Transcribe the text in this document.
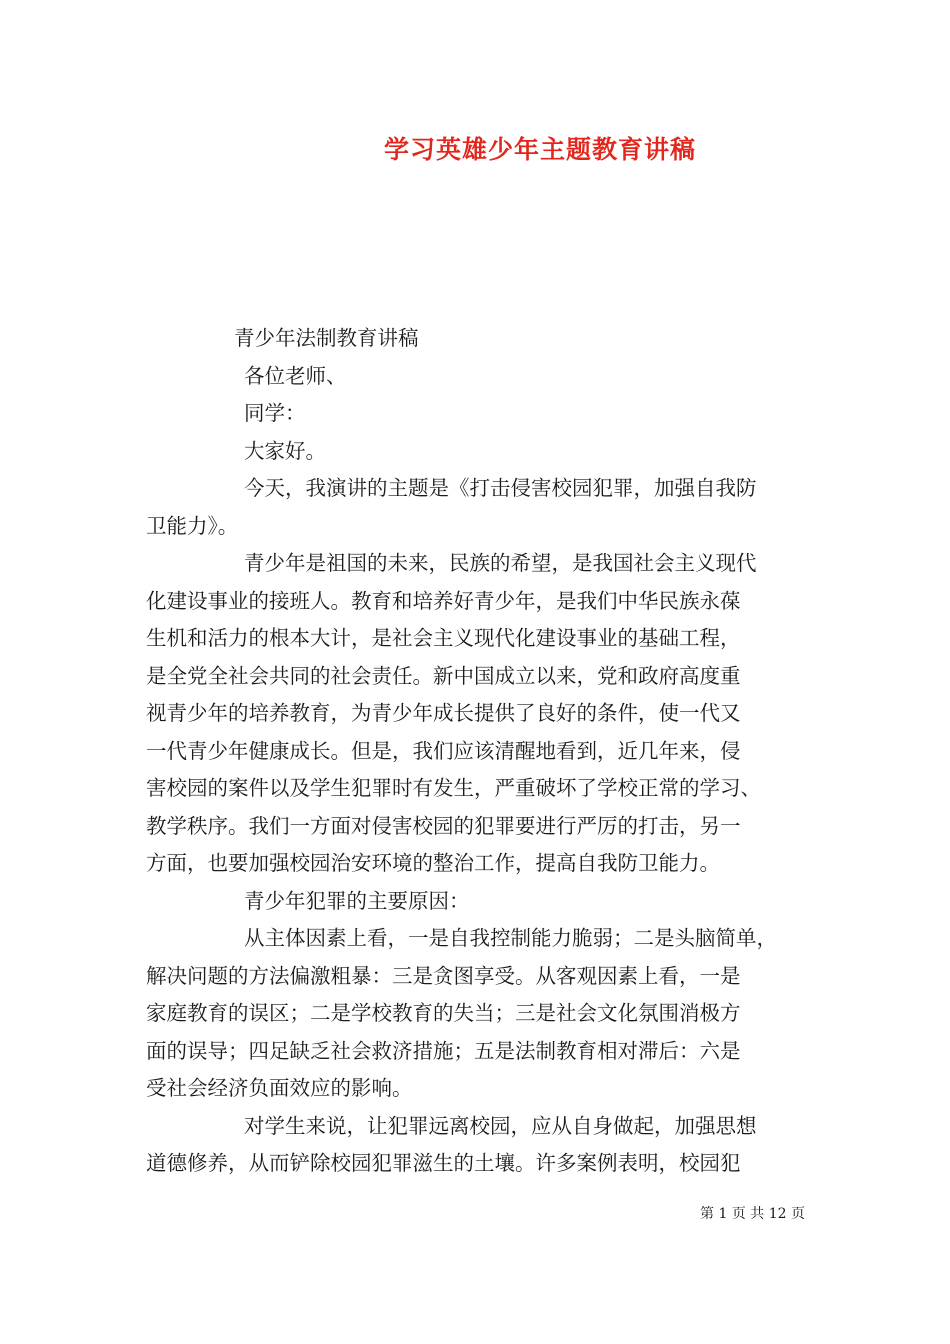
学习英雄少年主题教育讲稿
青少年法制教育讲稿
各位老师、
同学：
大家好。
今天，我演讲的主题是《打击侵害校园犯罪，加强自我防
卫能力》。
青少年是祖国的未来，民族的希望，是我国社会主义现代
化建设事业的接班人。教育和培养好青少年，是我们中华民族永葆
生机和活力的根本大计，是社会主义现代化建设事业的基础工程，
是全党全社会共同的社会责任。新中国成立以来，党和政府高度重
视青少年的培养教育，为青少年成长提供了良好的条件，使一代又
一代青少年健康成长。但是，我们应该清醒地看到，近几年来，侵
害校园的案件以及学生犯罪时有发生，严重破坏了学校正常的学习、
教学秩序。我们一方面对侵害校园的犯罪要进行严厉的打击，另一
方面，也要加强校园治安环境的整治工作，提高自我防卫能力。
青少年犯罪的主要原因：
从主体因素上看，一是自我控制能力脆弱；二是头脑简单，
解决问题的方法偏激粗暴：三是贪图享受。从客观因素上看，一是
家庭教育的误区；二是学校教育的失当；三是社会文化氛围消极方
面的误导；四足缺乏社会救济措施；五是法制教育相对滞后：六是
受社会经济负面效应的影响。
对学生来说，让犯罪远离校园，应从自身做起，加强思想
道德修养，从而铲除校园犯罪滋生的土壤。许多案例表明，校园犯
第 1 页 共 12 页
